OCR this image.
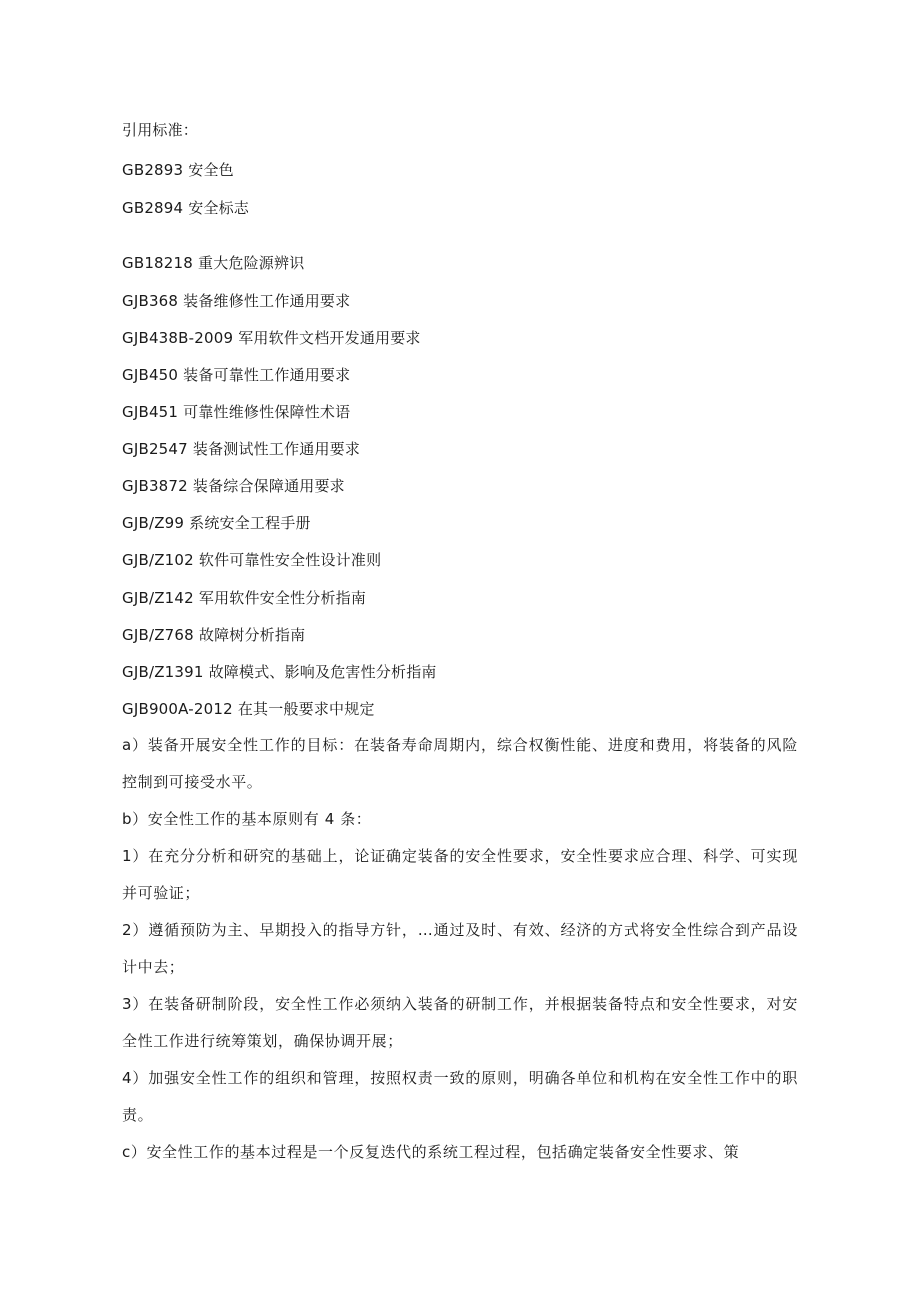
引用标准：
GB2893 安全色
GB2894 安全标志
GB18218 重大危险源辨识
GJB368 装备维修性工作通用要求
GJB438B-2009 军用软件文档开发通用要求
GJB450 装备可靠性工作通用要求
GJB451 可靠性维修性保障性术语
GJB2547 装备测试性工作通用要求
GJB3872 装备综合保障通用要求
GJB/Z99 系统安全工程手册
GJB/Z102 软件可靠性安全性设计准则
GJB/Z142 军用软件安全性分析指南
GJB/Z768 故障树分析指南
GJB/Z1391 故障模式、影响及危害性分析指南
GJB900A-2012 在其一般要求中规定
a）装备开展安全性工作的目标：在装备寿命周期内，综合权衡性能、进度和费用，将装备的风险控制到可接受水平。
b）安全性工作的基本原则有 4 条：
1）在充分分析和研究的基础上，论证确定装备的安全性要求，安全性要求应合理、科学、可实现并可验证；
2）遵循预防为主、早期投入的指导方针，…通过及时、有效、经济的方式将安全性综合到产品设计中去；
3）在装备研制阶段，安全性工作必须纳入装备的研制工作，并根据装备特点和安全性要求，对安全性工作进行统筹策划，确保协调开展；
4）加强安全性工作的组织和管理，按照权责一致的原则，明确各单位和机构在安全性工作中的职责。
c）安全性工作的基本过程是一个反复迭代的系统工程过程，包括确定装备安全性要求、策
